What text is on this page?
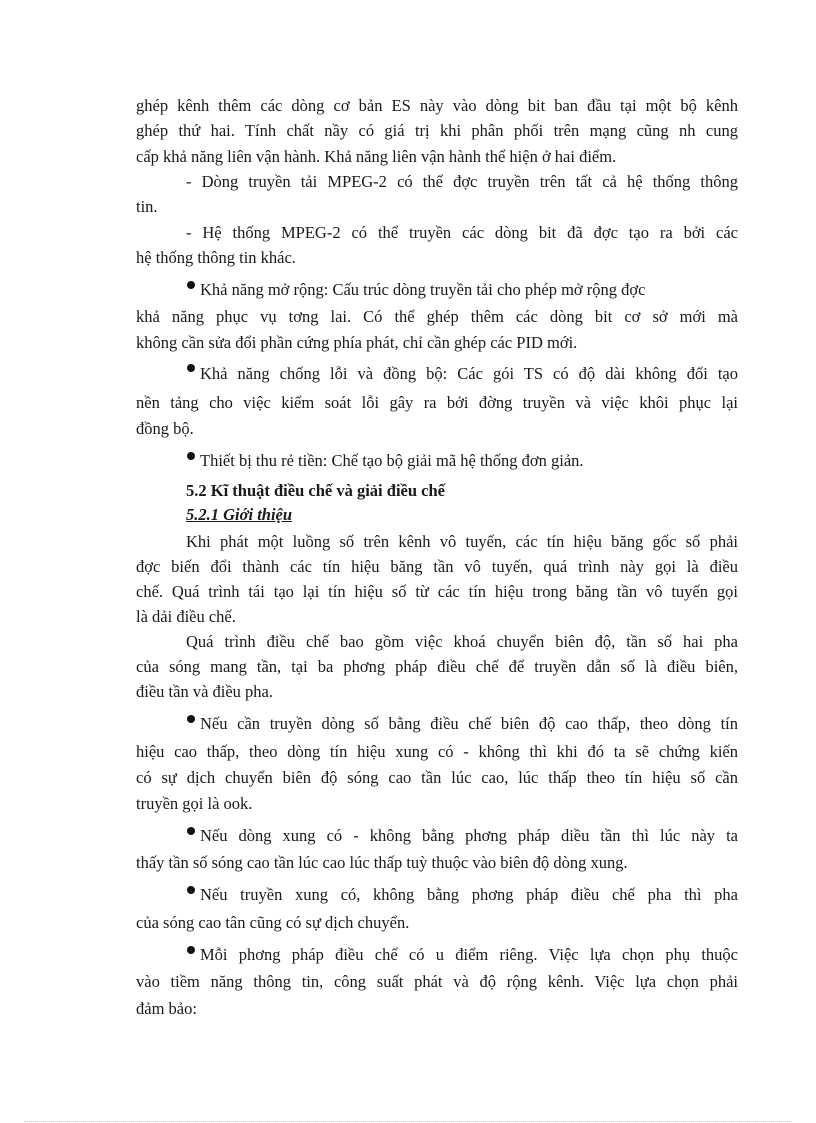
ghép kênh thêm các dòng cơ bản ES này vào dòng bit ban đầu tại một bộ kênh
ghép thứ hai. Tính chất nầy có giá trị khi phân phối trên mạng cũng nh cung
cấp khả năng liên vận hành. Khả năng liên vận hành thể hiện ở hai điểm.
- Dòng truyền tải MPEG-2 có thể đợc truyền trên tất cả hệ thống thông
tin.
- Hệ thống MPEG-2 có thể truyền các dòng bit đã đợc tạo ra bởi các
hệ thống thông tin khác.
Khả năng mở rộng: Cấu trúc dòng truyền tải cho phép mở rộng đợc
khả năng phục vụ tơng lai. Có thể ghép thêm các dòng bit cơ sở mới mà
không cần sửa đổi phần cứng phía phát, chỉ cần ghép các PID mới.
Khả năng chống lỗi và đồng bộ: Các gói TS có độ dài không đổi tạo
nền tảng cho việc kiểm soát lỗi gây ra bởi đờng truyền và việc khôi phục lại
đồng bộ.
Thiết bị thu rẻ tiền: Chế tạo bộ giải mã hệ thống đơn giản.
5.2 Kĩ thuật điều chế và giải điều chế
5.2.1 Giới thiệu
Khi phát một luồng số trên kênh vô tuyến, các tín hiệu băng gốc số phải
đợc biến đổi thành các tín hiệu băng tần vô tuyến, quá trình này gọi là điều
chế. Quá trình tái tạo lại tín hiệu số từ các tín hiệu trong băng tần vô tuyến gọi
là dải điều chế.
Quá trình điều chế bao gồm việc khoá chuyển biên độ, tần số hai pha
của sóng mang tần, tại ba phơng pháp điều chế để truyền dẫn số là điều biên,
điều tần và điều pha.
Nếu cần truyền dòng số bằng điều chế biên độ cao thấp, theo dòng tín
hiệu cao thấp, theo dòng tín hiệu xung có - không thì khi đó ta sẽ chứng kiến
có sự dịch chuyển biên độ sóng cao tần lúc cao, lúc thấp theo tín hiệu số cần
truyền gọi là ook.
Nếu dòng xung có - không bằng phơng pháp diều tần thì lúc này ta
thấy tần số sóng cao tần lúc cao lúc thấp tuỳ thuộc vào biên độ dòng xung.
Nếu truyền xung có, không bằng phơng pháp điều chế pha thì pha
của sóng cao tân cũng có sự dịch chuyển.
Mỗi phơng pháp điều chế có u điểm riêng. Việc lựa chọn phụ thuộc
vào tiềm năng thông tin, công suất phát và độ rộng kênh. Việc lựa chọn phải
đảm bảo:
